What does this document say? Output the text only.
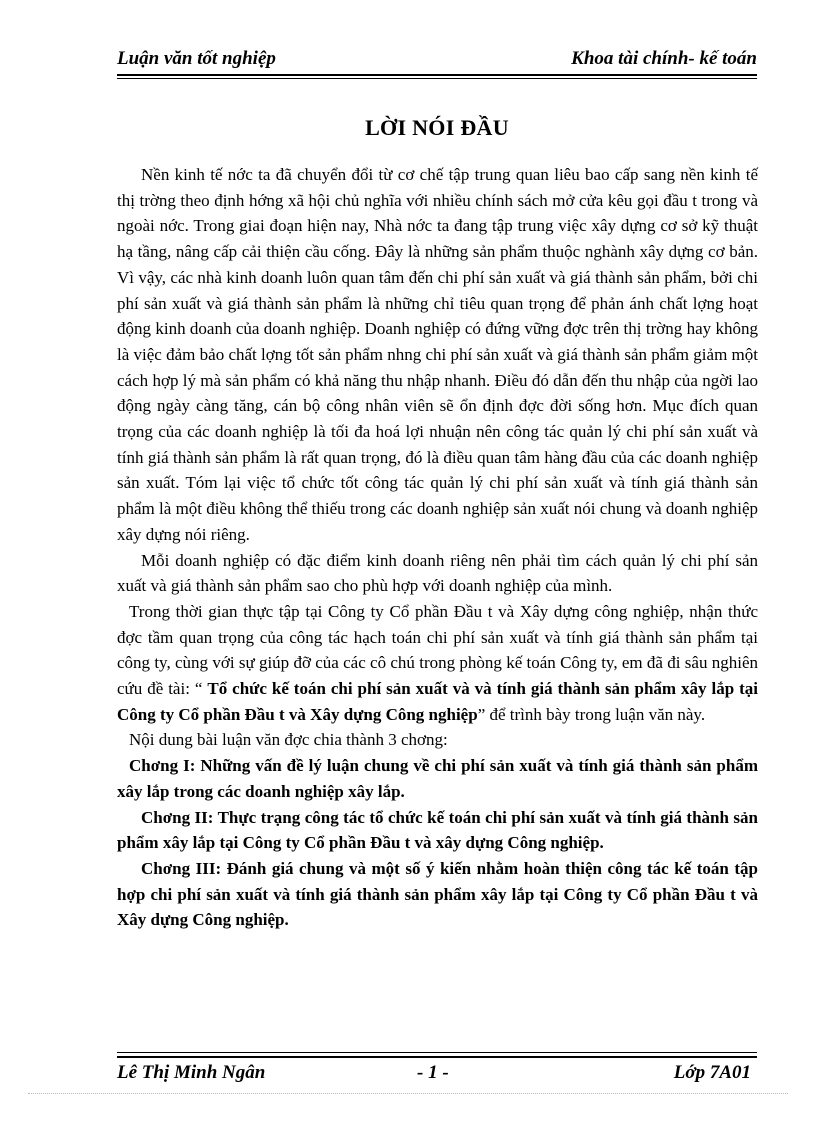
Luận văn tốt nghiệp	Khoa tài chính- kế toán
LỜI NÓI ĐẦU

Nền kinh tế nớc ta đã chuyển đổi từ cơ chế tập trung quan liêu bao cấp sang nền kinh tế thị trờng theo định hớng xã hội chủ nghĩa với nhiều chính sách mở cửa kêu gọi đầu t trong và ngoài nớc. Trong giai đoạn hiện nay, Nhà nớc ta đang tập trung việc xây dựng cơ sở kỹ thuật hạ tầng, nâng cấp cải thiện cầu cống. Đây là những sản phẩm thuộc nghành xây dựng cơ bản. Vì vậy, các nhà kinh doanh luôn quan tâm đến chi phí sản xuất và giá thành sản phẩm, bởi chi phí sản xuất và giá thành sản phẩm là những chỉ tiêu quan trọng để phản ánh chất lợng hoạt động kinh doanh của doanh nghiệp. Doanh nghiệp có đứng vững đợc trên thị trờng hay không là việc đảm bảo chất lợng tốt sản phẩm nhng chi phí sản xuất và giá thành sản phẩm giảm một cách hợp lý mà sản phẩm có khả năng thu nhập nhanh. Điều đó dẫn đến thu nhập của ngời lao động ngày càng tăng, cán bộ công nhân viên sẽ ổn định đợc đời sống hơn. Mục đích quan trọng của các doanh nghiệp là tối đa hoá lợi nhuận nên công tác quản lý chi phí sản xuất và tính giá thành sản phẩm là rất quan trọng, đó là điều quan tâm hàng đầu của các doanh nghiệp sản xuất. Tóm lại việc tổ chức tốt công tác quản lý chi phí sản xuất và tính giá thành sản phẩm là một điều không thể thiếu trong các doanh nghiệp sản xuất nói chung và doanh nghiệp xây dựng nói riêng.

Mỗi doanh nghiệp có đặc điểm kinh doanh riêng nên phải tìm cách quản lý chi phí sản xuất và giá thành sản phẩm sao cho phù hợp với doanh nghiệp của mình.

Trong thời gian thực tập tại Công ty Cổ phần Đầu t và Xây dựng công nghiệp, nhận thức đợc tầm quan trọng của công tác hạch toán chi phí sản xuất và tính giá thành sản phẩm tại công ty, cùng với sự giúp đỡ của các cô chú trong phòng kế toán Công ty, em đã đi sâu nghiên cứu đề tài: “ Tổ chức kế toán chi phí sản xuất và và tính giá thành sản phẩm xây lắp tại Công ty Cổ phần Đầu t và Xây dựng Công nghiệp” để trình bày trong luận văn này.

Nội dung bài luận văn đợc chia thành 3 chơng:

Chơng I: Những vấn đề lý luận chung về chi phí sản xuất và tính giá thành sản phẩm xây lắp trong các doanh nghiệp xây lắp.

Chơng II: Thực trạng công tác tổ chức kế toán chi phí sản xuất và tính giá thành sản phẩm xây lắp tại Công ty Cổ phần Đầu t và xây dựng Công nghiệp.

Chơng III: Đánh giá chung và một số ý kiến nhằm hoàn thiện công tác kế toán tập hợp chi phí sản xuất và tính giá thành sản phẩm xây lắp tại Công ty Cổ phần Đầu t và Xây dựng Công nghiệp.

Lê Thị Minh Ngân	- 1 -	Lớp 7A01
